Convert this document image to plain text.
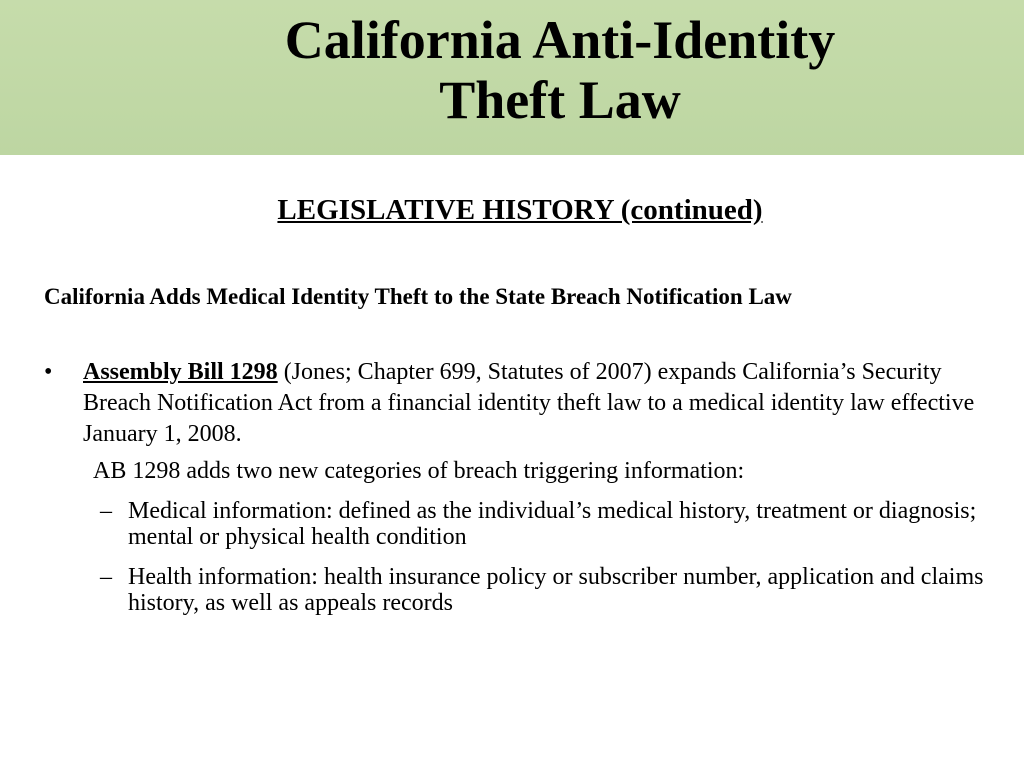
California Anti-Identity
Theft Law
LEGISLATIVE HISTORY (continued)
California Adds Medical Identity Theft to the State Breach Notification Law
• Assembly Bill 1298 (Jones; Chapter 699, Statutes of 2007) expands California’s Security Breach Notification Act from a financial identity theft law to a medical identity law effective January 1, 2008.
AB 1298 adds two new categories of breach triggering information:
– Medical information: defined as the individual’s medical history, treatment or diagnosis; mental or physical health condition
– Health information: health insurance policy or subscriber number, application and claims history, as well as appeals records
